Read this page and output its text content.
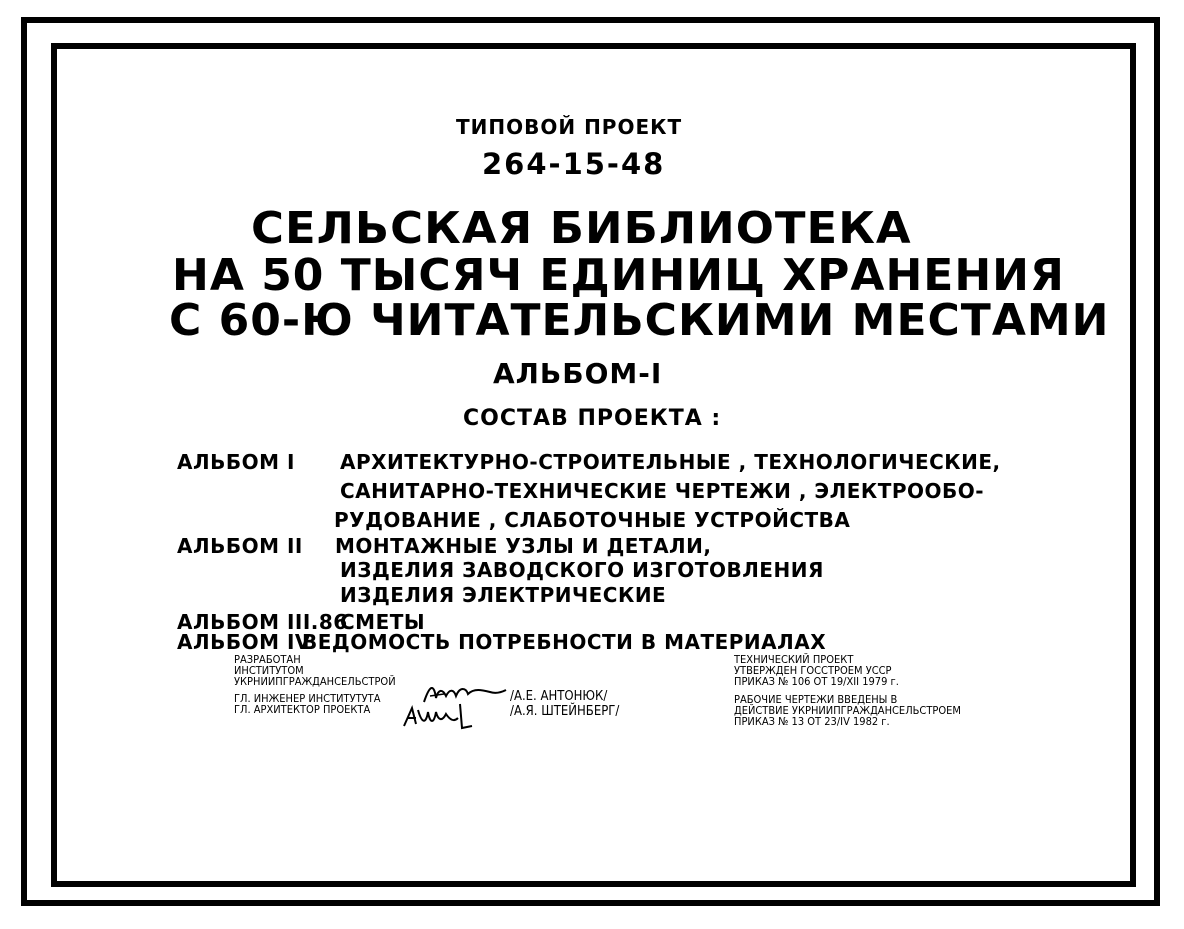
ТИПОВОЙ ПРОЕКТ
264-15-48
СЕЛЬСКАЯ БИБЛИОТЕКА
НА 50 ТЫСЯЧ ЕДИНИЦ ХРАНЕНИЯ
С 60-Ю ЧИТАТЕЛЬСКИМИ МЕСТАМИ
АЛЬБОМ-I
СОСТАВ ПРОЕКТА :
АЛЬБОМ I АРХИТЕКТУРНО-СТРОИТЕЛЬНЫЕ , ТЕХНОЛОГИЧЕСКИЕ,
САНИТАРНО-ТЕХНИЧЕСКИЕ ЧЕРТЕЖИ , ЭЛЕКТРООБО-
РУДОВАНИЕ , СЛАБОТОЧНЫЕ УСТРОЙСТВА
АЛЬБОМ II МОНТАЖНЫЕ УЗЛЫ И ДЕТАЛИ,
ИЗДЕЛИЯ ЗАВОДСКОГО ИЗГОТОВЛЕНИЯ
ИЗДЕЛИЯ ЭЛЕКТРИЧЕСКИЕ
АЛЬБОМ III.86
СМЕТЫ
АЛЬБОМ IV
ВЕДОМОСТЬ ПОТРЕБНОСТИ В МАТЕРИАЛАХ
РАЗРАБОТАН
ИНСТИТУТОМ
УКРНИИПГРАЖДАНСЕЛЬСТРОЙ
ГЛ. ИНЖЕНЕР ИНСТИТУТУТА
ГЛ. АРХИТЕКТОР ПРОЕКТА
/А.Е. АНТОНЮК/
/А.Я. ШТЕЙНБЕРГ/
ТЕХНИЧЕСКИЙ ПРОЕКТ
УТВЕРЖДЕН ГОССТРОЕМ УССР
ПРИКАЗ № 106 ОТ 19/XII 1979 г.
РАБОЧИЕ ЧЕРТЕЖИ ВВЕДЕНЫ В
ДЕЙСТВИЕ УКРНИИПГРАЖДАНСЕЛЬСТРОЕМ
ПРИКАЗ № 13 ОТ 23/IV 1982 г.
